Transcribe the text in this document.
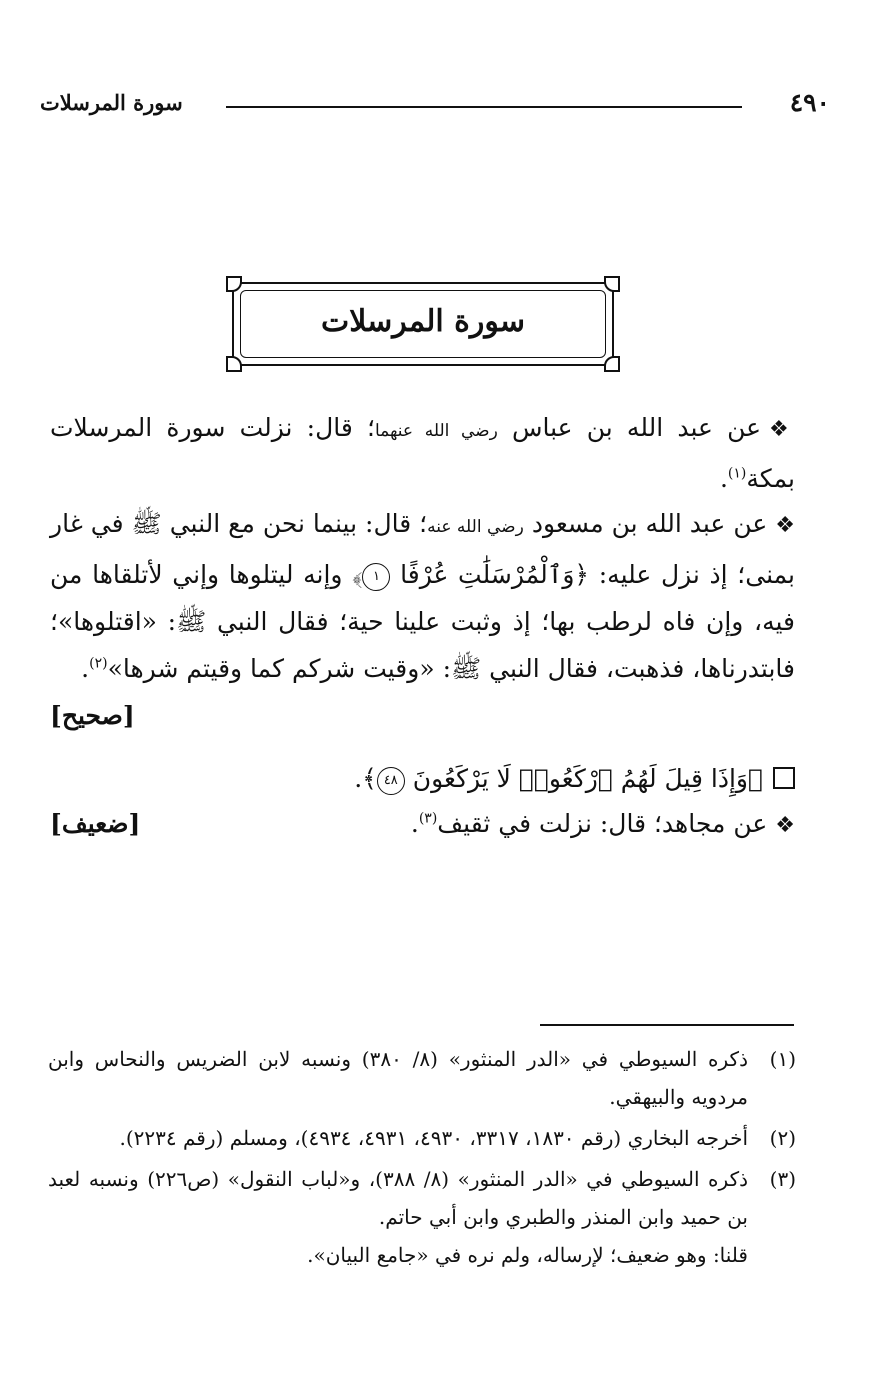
٤٩٠
سورة المرسلات
سورة المرسلات
❖عن عبد الله بن عباس رضي الله عنهما؛ قال: نزلت سورة المرسلات بمكة$^{(١)}$.
❖عن عبد الله بن مسعود رضي الله عنه؛ قال: بينما نحن مع النبي ﷺ في غار بمنى؛ إذ نزل عليه: ﴿وَٱلْمُرْسَلَٰتِ عُرْفًا ١﴾ وإنه ليتلوها وإني لأتلقاها من فيه، وإن فاه لرطب بها؛ إذ وثبت علينا حية؛ فقال النبي ﷺ: «اقتلوها»؛ فابتدرناها، فذهبت، فقال النبي ﷺ: «وقيت شركم كما وقيتم شرها»$^{(٢)}$.
[صحيح]
﴿وَإِذَا قِيلَ لَهُمُ ٱرْكَعُوا۟ لَا يَرْكَعُونَ ٤٨﴾.
❖عن مجاهد؛ قال: نزلت في ثقيف$^{(٣)}$.
[ضعيف]
(١)
ذكره السيوطي في «الدر المنثور» (٨/ ٣٨٠) ونسبه لابن الضريس والنحاس وابن مردويه والبيهقي.
(٢)
أخرجه البخاري (رقم ١٨٣٠، ٣٣١٧، ٤٩٣٠، ٤٩٣١، ٤٩٣٤)، ومسلم (رقم ٢٢٣٤).
(٣)
ذكره السيوطي في «الدر المنثور» (٨/ ٣٨٨)، و«لباب النقول» (ص٢٢٦) ونسبه لعبد بن حميد وابن المنذر والطبري وابن أبي حاتم.
قلنا: وهو ضعيف؛ لإرساله، ولم نره في «جامع البيان».
